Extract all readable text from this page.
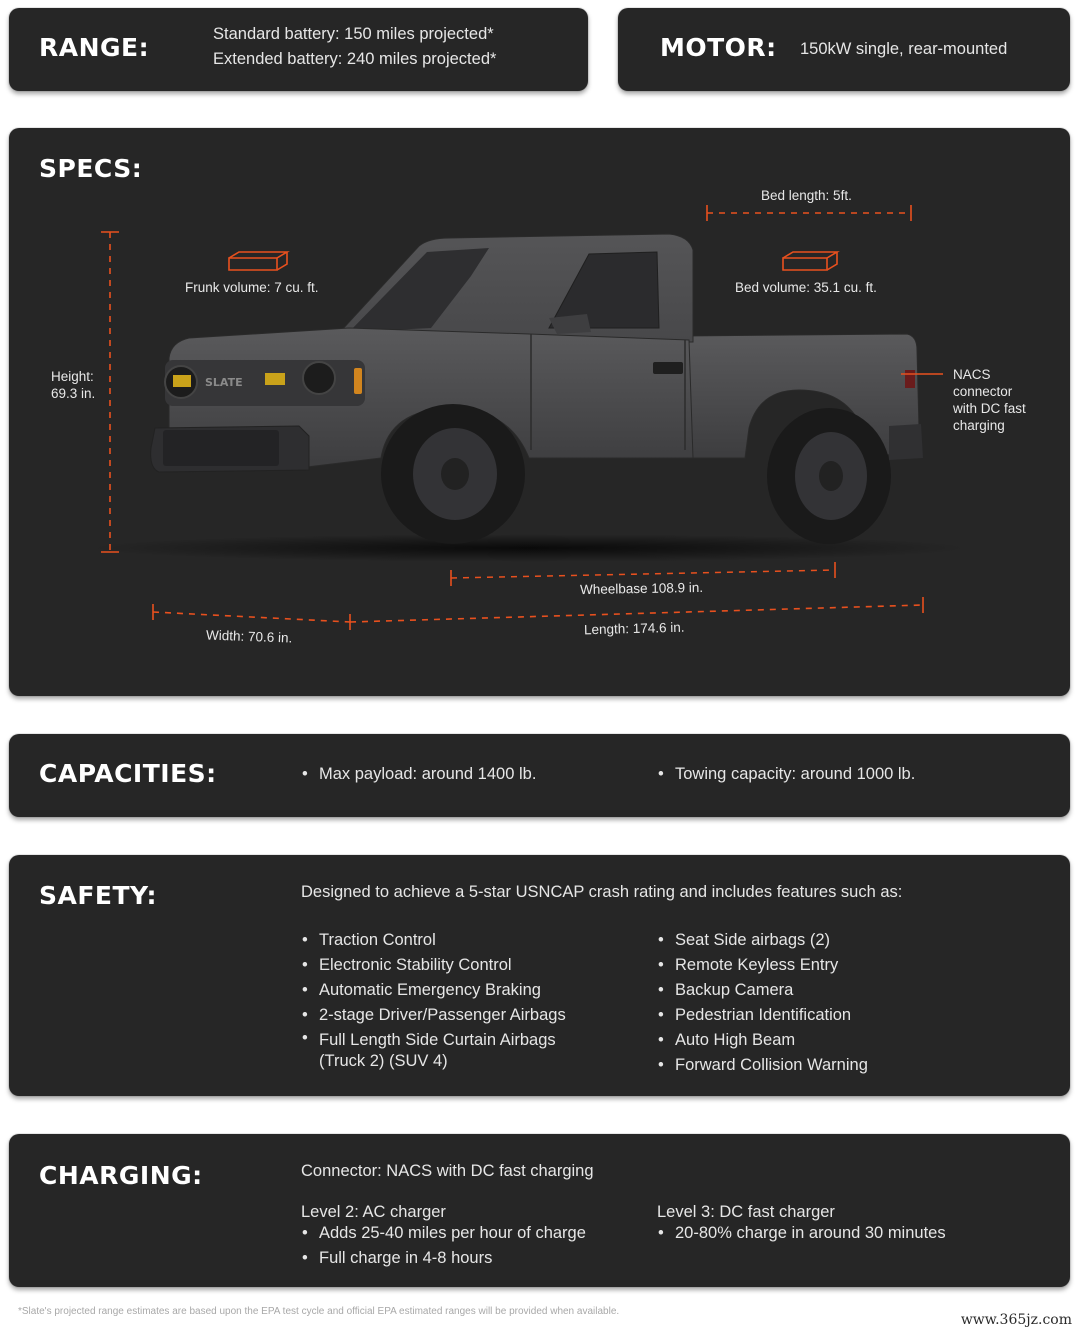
RANGE:	Standard battery: 150 miles projected*
Extended battery: 240 miles projected*	MOTOR: 150kW single, rear-mounted
SPECS:
SLATE
Bed length: 5ft.
Frunk volume: 7 cu. ft.	Bed volume: 35.1 cu. ft.
Height:
69.3 in.
NACS
connector
with DC fast
charging
Wheelbase 108.9 in.
Width: 70.6 in.	Length: 174.6 in.
CAPACITIES:	• Max payload: around 1400 lb.	• Towing capacity: around 1000 lb.
SAFETY:	Designed to achieve a 5-star USNCAP crash rating and includes features such as:
• Traction Control
• Electronic Stability Control
• Automatic Emergency Braking
• 2-stage Driver/Passenger Airbags
• Full Length Side Curtain Airbags (Truck 2) (SUV 4)
• Seat Side airbags (2)
• Remote Keyless Entry
• Backup Camera
• Pedestrian Identification
• Auto High Beam
• Forward Collision Warning
CHARGING:	Connector: NACS with DC fast charging
Level 2: AC charger
• Adds 25-40 miles per hour of charge
• Full charge in 4-8 hours
Level 3: DC fast charger
• 20-80% charge in around 30 minutes
*Slate's projected range estimates are based upon the EPA test cycle and official EPA estimated ranges will be provided when available.
www.365jz.com
